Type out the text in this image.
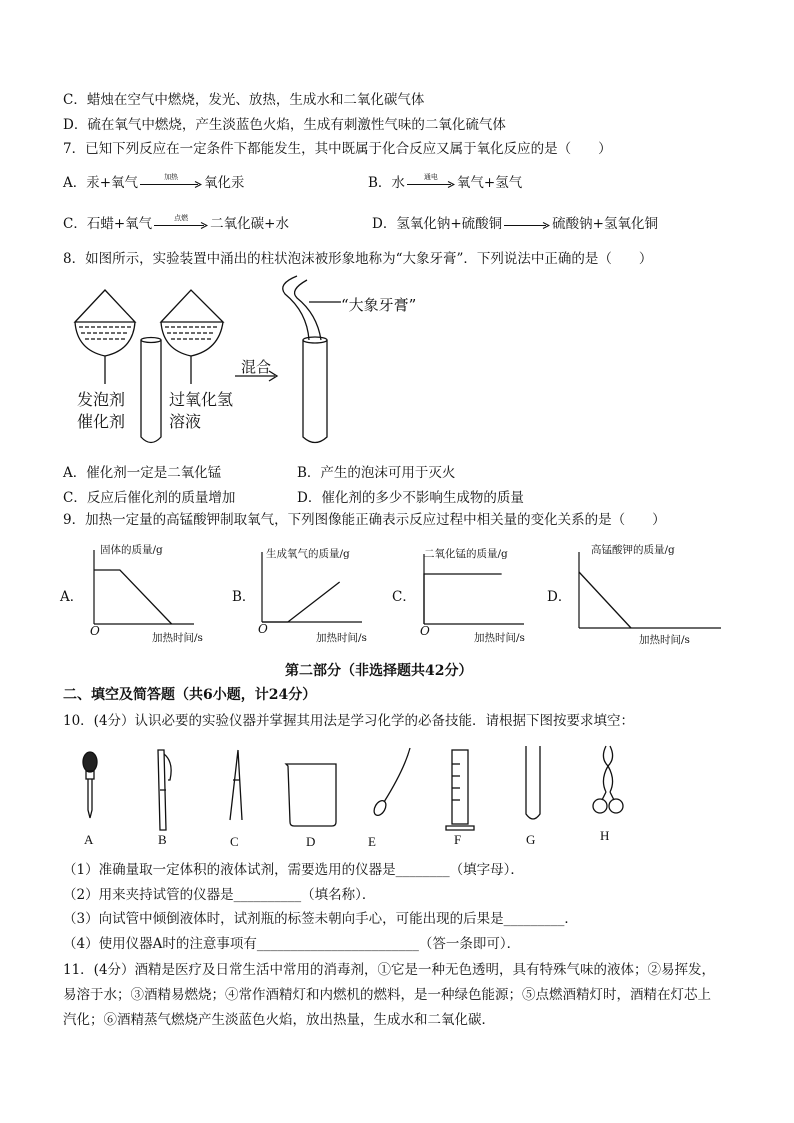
C．蜡烛在空气中燃烧，发光、放热，生成水和二氧化碳气体
D．硫在氧气中燃烧，产生淡蓝色火焰，生成有刺激性气味的二氧化硫气体
7．已知下列反应在一定条件下都能发生，其中既属于化合反应又属于氧化反应的是（　　）
A． 汞+氧气	加热 氧化汞	B． 水	通电 氧气+氢气
C． 石蜡+氧气	点燃 二氧化碳+水	D． 氢氧化钠+硫酸铜 → 硫酸钠+氢氧化铜
8．如图所示，实验装置中涌出的柱状泡沫被形象地称为“大象牙膏”．下列说法中正确的是（　　）
“大象牙膏”
混合
发泡剂
催化剂
过氧化氢
溶液
A．催化剂一定是二氧化锰	B．产生的泡沫可用于灭火
C．反应后催化剂的质量增加	D．催化剂的多少不影响生成物的质量
9．加热一定量的高锰酸钾制取氧气，下列图像能正确表示反应过程中相关量的变化关系的是（　　）
A．
固体的质量/g
加热时间/s
O
B．
生成氧气的质量/g
加热时间/s
O
C．
二氧化锰的质量/g
加热时间/s
O
D．
高锰酸钾的质量/g
加热时间/s
第二部分（非选择题共42分）
二、填空及简答题（共6小题，计24分）
10．(4分）认识必要的实验仪器并掌握其用法是学习化学的必备技能．请根据下图按要求填空：
A	B	C	D	E	F	G	H
（1）准确量取一定体积的液体试剂，需要选用的仪器是________（填字母）．
（2）用来夹持试管的仪器是__________（填名称）．
（3）向试管中倾倒液体时，试剂瓶的标签未朝向手心，可能出现的后果是_________．
（4）使用仪器A时的注意事项有________________________（答一条即可）．
11．(4分）酒精是医疗及日常生活中常用的消毒剂，①它是一种无色透明，具有特殊气味的液体；②易挥发，
易溶于水；③酒精易燃烧；④常作酒精灯和内燃机的燃料，是一种绿色能源；⑤点燃酒精灯时，酒精在灯芯上
汽化；⑥酒精蒸气燃烧产生淡蓝色火焰，放出热量，生成水和二氧化碳．
